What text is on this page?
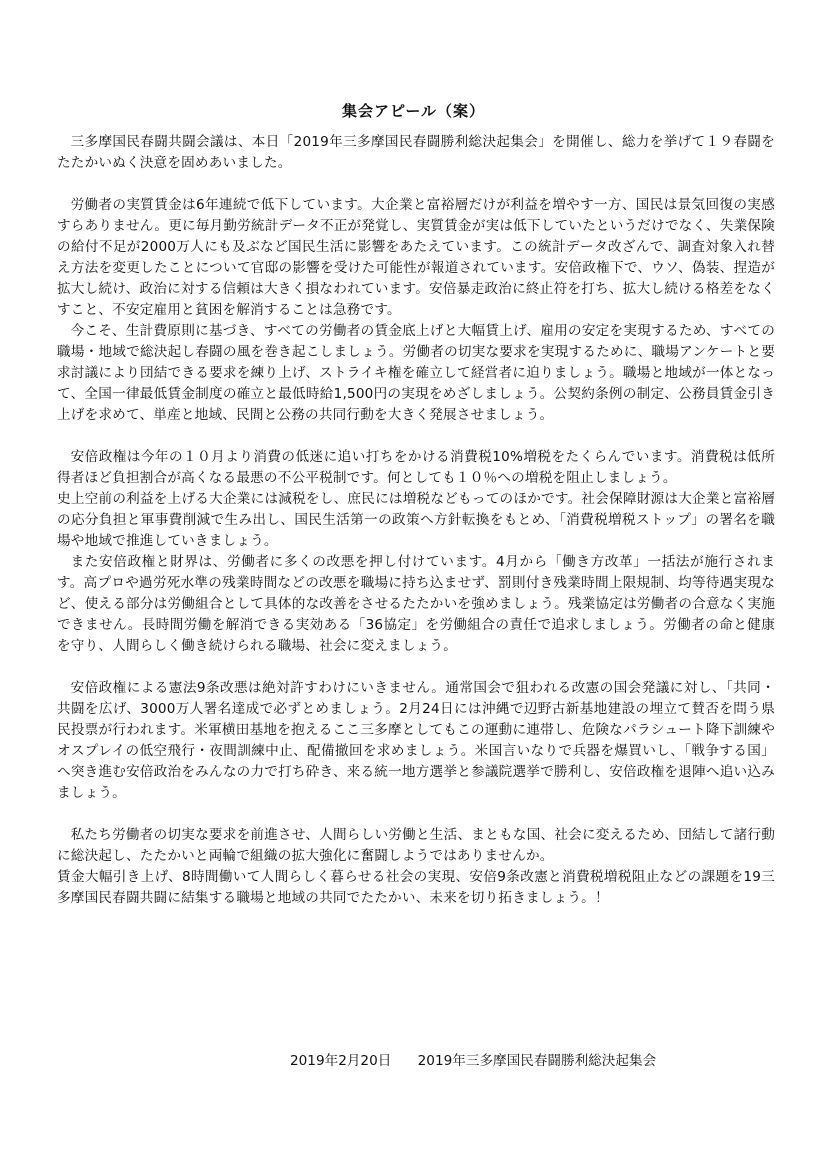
集会アピール（案）

三多摩国民春闘共闘会議は、本日「2019年三多摩国民春闘勝利総決起集会」を開催し、総力を挙げて１９春闘をたたかいぬく決意を固めあいました。

労働者の実質賃金は6年連続で低下しています。大企業と富裕層だけが利益を増やす一方、国民は景気回復の実感すらありません。更に毎月勤労統計データ不正が発覚し、実質賃金が実は低下していたというだけでなく、失業保険の給付不足が2000万人にも及ぶなど国民生活に影響をあたえています。この統計データ改ざんで、調査対象入れ替え方法を変更したことについて官邸の影響を受けた可能性が報道されています。安倍政権下で、ウソ、偽装、捏造が拡大し続け、政治に対する信頼は大きく損なわれています。安倍暴走政治に終止符を打ち、拡大し続ける格差をなくすこと、不安定雇用と貧困を解消することは急務です。

今こそ、生計費原則に基づき、すべての労働者の賃金底上げと大幅賃上げ、雇用の安定を実現するため、すべての職場・地域で総決起し春闘の風を巻き起こしましょう。労働者の切実な要求を実現するために、職場アンケートと要求討議により団結できる要求を練り上げ、ストライキ権を確立して経営者に迫りましょう。職場と地域が一体となって、全国一律最低賃金制度の確立と最低時給1,500円の実現をめざしましょう。公契約条例の制定、公務員賃金引き上げを求めて、単産と地域、民間と公務の共同行動を大きく発展させましょう。

安倍政権は今年の１０月より消費の低迷に追い打ちをかける消費税10%増税をたくらんでいます。消費税は低所得者ほど負担割合が高くなる最悪の不公平税制です。何としても１０％への増税を阻止しましょう。

史上空前の利益を上げる大企業には減税をし、庶民には増税などもってのほかです。社会保障財源は大企業と富裕層の応分負担と軍事費削減で生み出し、国民生活第一の政策へ方針転換をもとめ、「消費税増税ストップ」の署名を職場や地域で推進していきましょう。

また安倍政権と財界は、労働者に多くの改悪を押し付けています。4月から「働き方改革」一括法が施行されます。高プロや過労死水準の残業時間などの改悪を職場に持ち込ませず、罰則付き残業時間上限規制、均等待遇実現など、使える部分は労働組合として具体的な改善をさせるたたかいを強めましょう。残業協定は労働者の合意なく実施できません。長時間労働を解消できる実効ある「36協定」を労働組合の責任で追求しましょう。労働者の命と健康を守り、人間らしく働き続けられる職場、社会に変えましょう。

安倍政権による憲法9条改悪は絶対許すわけにいきません。通常国会で狙われる改憲の国会発議に対し、｢共同・共闘を広げ、3000万人署名達成で必ずとめましょう。2月24日には沖縄で辺野古新基地建設の埋立て賛否を問う県民投票が行われます。米軍横田基地を抱えるここ三多摩としてもこの運動に連帯し、危険なパラシュート降下訓練やオスプレイの低空飛行・夜間訓練中止、配備撤回を求めましょう。米国言いなりで兵器を爆買いし、「戦争する国」へ突き進む安倍政治をみんなの力で打ち砕き、来る統一地方選挙と参議院選挙で勝利し、安倍政権を退陣へ追い込みましょう。

私たち労働者の切実な要求を前進させ、人間らしい労働と生活、まともな国、社会に変えるため、団結して諸行動に総決起し、たたかいと両輪で組織の拡大強化に奮闘しようではありませんか。

賃金大幅引き上げ、8時間働いて人間らしく暮らせる社会の実現、安倍9条改憲と消費税増税阻止などの課題を19三多摩国民春闘共闘に結集する職場と地域の共同でたたかい、未来を切り拓きましょう。！

2019年2月20日 2019年三多摩国民春闘勝利総決起集会
